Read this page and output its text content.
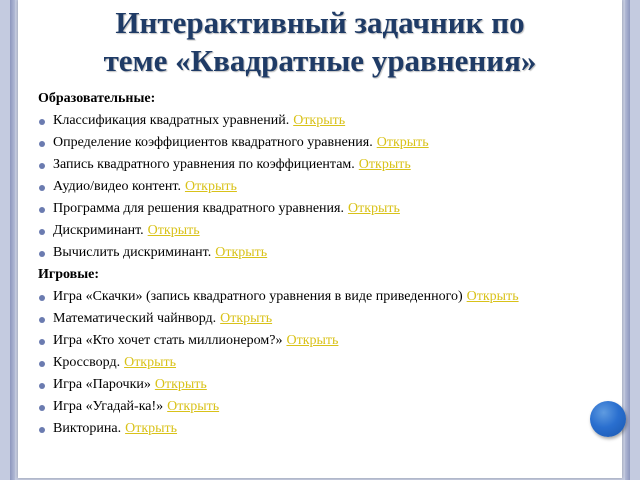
Интерактивный задачник по
теме «Квадратные уравнения»
Образовательные:
Классификация квадратных уравнений. Открыть
Определение коэффициентов квадратного уравнения. Открыть
Запись квадратного уравнения по коэффициентам. Открыть
Аудио/видео контент. Открыть
Программа для решения квадратного уравнения. Открыть
Дискриминант. Открыть
Вычислить дискриминант. Открыть
Игровые:
Игра «Скачки» (запись квадратного уравнения в виде приведенного) Открыть
Математический чайнворд. Открыть
Игра «Кто хочет стать миллионером?» Открыть
Кроссворд. Открыть
Игра «Парочки» Открыть
Игра «Угадай-ка!» Открыть
Викторина. Открыть
